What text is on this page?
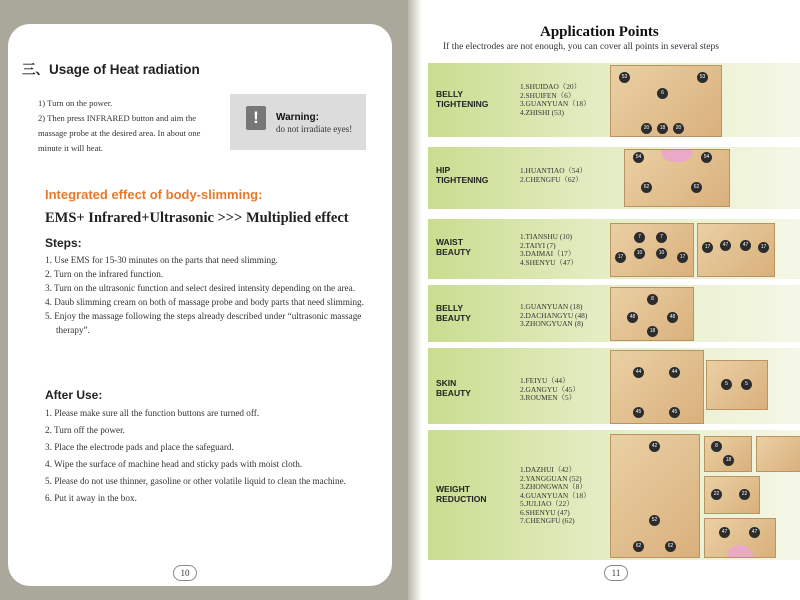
三、Usage of Heat radiation
1) Turn on the power.
2) Then press INFRARED button and aim the massage probe at the desired area. In about one minute it will heat.
!	Warning:
do not irradiate eyes!
Integrated effect of body-slimming:
EMS+ Infrared+Ultrasonic >>> Multiplied effect
Steps:
1. Use EMS for 15-30 minutes on the parts that need slimming.
2. Turn on the infrared function.
3. Turn on the ultrasonic function and select desired intensity depending on the area.
4. Daub slimming cream on both of massage probe and body parts that need slimming.
5. Enjoy the massage following the steps already described under “ultrasonic massage therapy”.
After Use:
1. Please make sure all the function buttons are turned off.
2. Turn off the power.
3. Place the electrode pads and place the safeguard.
4. Wipe the surface of machine head and sticky pads with moist cloth.
5. Please do not use thinner, gasoline or other volatile liquid to clean the machine.
6. Put it away in the box.
10
Application Points
If the electrodes are not enough, you can cover all points in several steps
BELLY
TIGHTENING
1.SHUIDAO（20）
2.SHUIFEN（6）
3.GUANYUAN（18）
4.ZHISHI (53)
53	53
6
20	18	20
HIP
TIGHTENING
1.HUANTIAO（54）
2.CHENGFU（62）
54	54
62	62
WAIST
BEAUTY
1.TIANSHU (10)
2.TAIYI (7)
3.DAIMAI（17）
4.SHENYU（47）
7	7
10	10
17	17
47	47
17	17
BELLY
BEAUTY
1.GUANYUAN (18)
2.DACHANGYU (48)
3.ZHONGYUAN (8)
8
48	48
18
SKIN
BEAUTY
1.FEIYU（44）
2.GANGYU（45）
3.ROUMEN（5）
44	44
45	45
5	5
WEIGHT
REDUCTION
1.DAZHUI（42）
2.YANGGUAN (52)
3.ZHONGWAN（8）
4.GUANYUAN（18）
5.JULIAO（22）
6.SHENYU (47)
7.CHENGFU (62)
42
52
62	62
8
18
22	22
47	47
11
